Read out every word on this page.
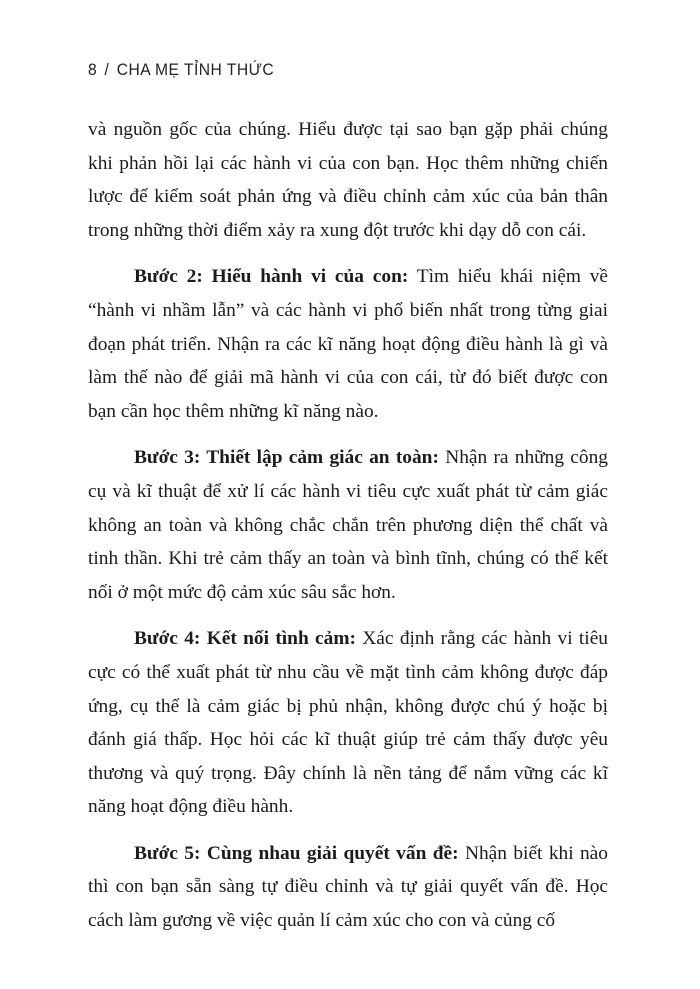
8 / CHA MẸ TỈNH THỨC

và nguồn gốc của chúng. Hiểu được tại sao bạn gặp phải chúng khi phản hồi lại các hành vi của con bạn. Học thêm những chiến lược để kiểm soát phản ứng và điều chỉnh cảm xúc của bản thân trong những thời điểm xảy ra xung đột trước khi dạy dỗ con cái.

Bước 2: Hiểu hành vi của con: Tìm hiểu khái niệm về “hành vi nhầm lẫn” và các hành vi phổ biến nhất trong từng giai đoạn phát triển. Nhận ra các kĩ năng hoạt động điều hành là gì và làm thế nào để giải mã hành vi của con cái, từ đó biết được con bạn cần học thêm những kĩ năng nào.

Bước 3: Thiết lập cảm giác an toàn: Nhận ra những công cụ và kĩ thuật để xử lí các hành vi tiêu cực xuất phát từ cảm giác không an toàn và không chắc chắn trên phương diện thể chất và tinh thần. Khi trẻ cảm thấy an toàn và bình tĩnh, chúng có thể kết nối ở một mức độ cảm xúc sâu sắc hơn.

Bước 4: Kết nối tình cảm: Xác định rằng các hành vi tiêu cực có thể xuất phát từ nhu cầu về mặt tình cảm không được đáp ứng, cụ thể là cảm giác bị phủ nhận, không được chú ý hoặc bị đánh giá thấp. Học hỏi các kĩ thuật giúp trẻ cảm thấy được yêu thương và quý trọng. Đây chính là nền tảng để nắm vững các kĩ năng hoạt động điều hành.

Bước 5: Cùng nhau giải quyết vấn đề: Nhận biết khi nào thì con bạn sẵn sàng tự điều chỉnh và tự giải quyết vấn đề. Học cách làm gương về việc quản lí cảm xúc cho con và củng cố
